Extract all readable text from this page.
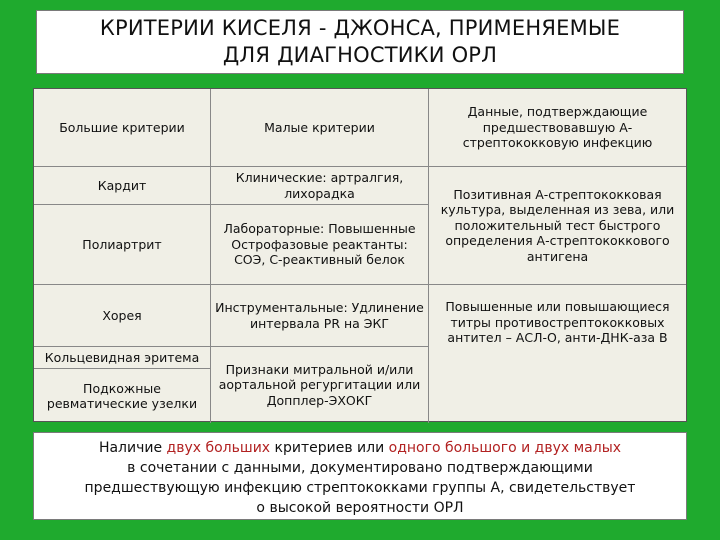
КРИТЕРИИ КИСЕЛЯ - ДЖОНСА, ПРИМЕНЯЕМЫЕ
ДЛЯ ДИАГНОСТИКИ ОРЛ
Большие критерии	Малые критерии
Данные, подтверждающие предшествовавшую А-стрептококковую инфекцию
Кардит
Полиартрит
Хорея
Кольцевидная эритема
Подкожные ревматические узелки
Клинические: артралгия, лихорадка
Лабораторные: Повышенные Острофазовые реактанты: СОЭ, С-реактивный белок
Инструментальные: Удлинение интервала PR на ЭКГ
Признаки митральной и/или аортальной регургитации или Допплер-ЭХОКГ
Позитивная А-стрептококковая культура, выделенная из зева, или положительный тест быстрого определения А-стрептококкового антигена
Повышенные или повышающиеся титры противострептококковых антител – АСЛ-О, анти-ДНК-аза В
Наличие двух больших критериев или одного большого и двух малых
в сочетании с данными, документировано подтверждающими
предшествующую инфекцию стрептококками группы А, свидетельствует
о высокой вероятности ОРЛ
